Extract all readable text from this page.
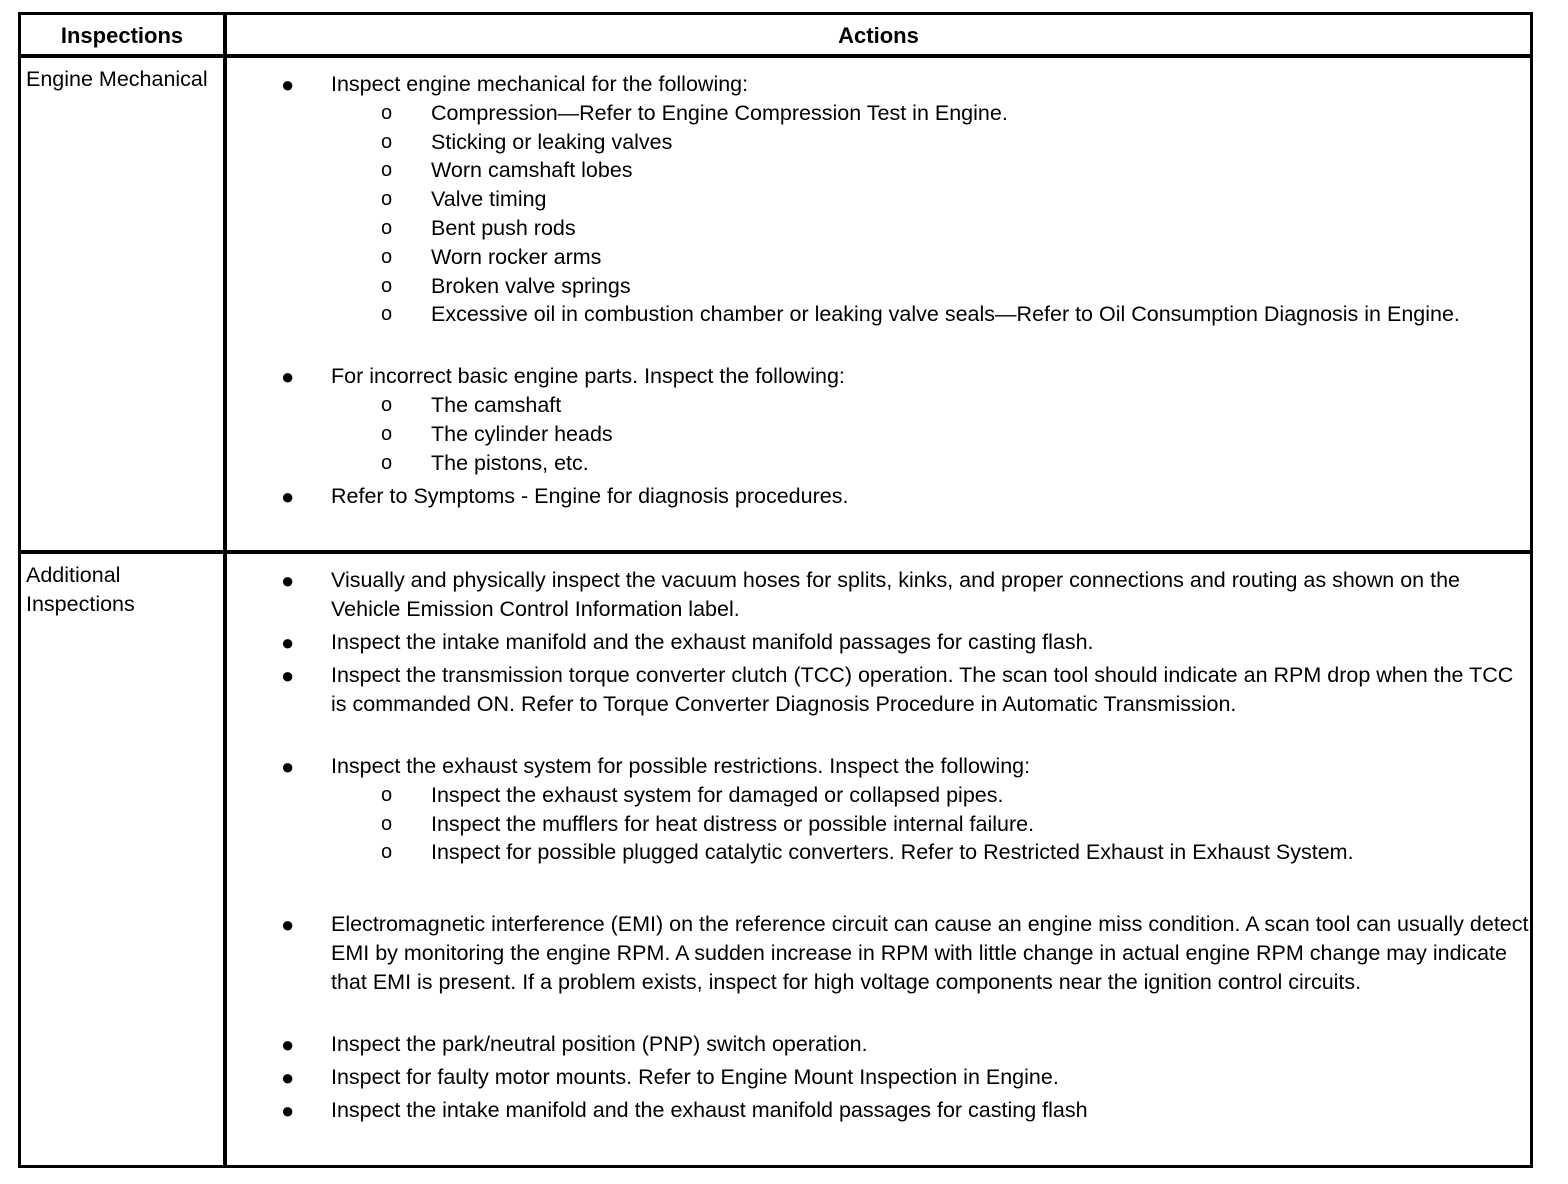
Inspections	Actions
Engine Mechanical	● Inspect engine mechanical for the following:
o Compression—Refer to Engine Compression Test in Engine.
o Sticking or leaking valves
o Worn camshaft lobes
o Valve timing
o Bent push rods
o Worn rocker arms
o Broken valve springs
o Excessive oil in combustion chamber or leaking valve seals—Refer to Oil Consumption Diagnosis in Engine.
● For incorrect basic engine parts. Inspect the following:
o The camshaft
o The cylinder heads
o The pistons, etc.
● Refer to Symptoms - Engine for diagnosis procedures.
Additional Inspections
● Visually and physically inspect the vacuum hoses for splits, kinks, and proper connections and routing as shown on the Vehicle Emission Control Information label.
● Inspect the intake manifold and the exhaust manifold passages for casting flash.
● Inspect the transmission torque converter clutch (TCC) operation. The scan tool should indicate an RPM drop when the TCC is commanded ON. Refer to Torque Converter Diagnosis Procedure in Automatic Transmission.
● Inspect the exhaust system for possible restrictions. Inspect the following:
o Inspect the exhaust system for damaged or collapsed pipes.
o Inspect the mufflers for heat distress or possible internal failure.
o Inspect for possible plugged catalytic converters. Refer to Restricted Exhaust in Exhaust System.
● Electromagnetic interference (EMI) on the reference circuit can cause an engine miss condition. A scan tool can usually detect EMI by monitoring the engine RPM. A sudden increase in RPM with little change in actual engine RPM change may indicate that EMI is present. If a problem exists, inspect for high voltage components near the ignition control circuits.
● Inspect the park/neutral position (PNP) switch operation.
● Inspect for faulty motor mounts. Refer to Engine Mount Inspection in Engine.
● Inspect the intake manifold and the exhaust manifold passages for casting flash
